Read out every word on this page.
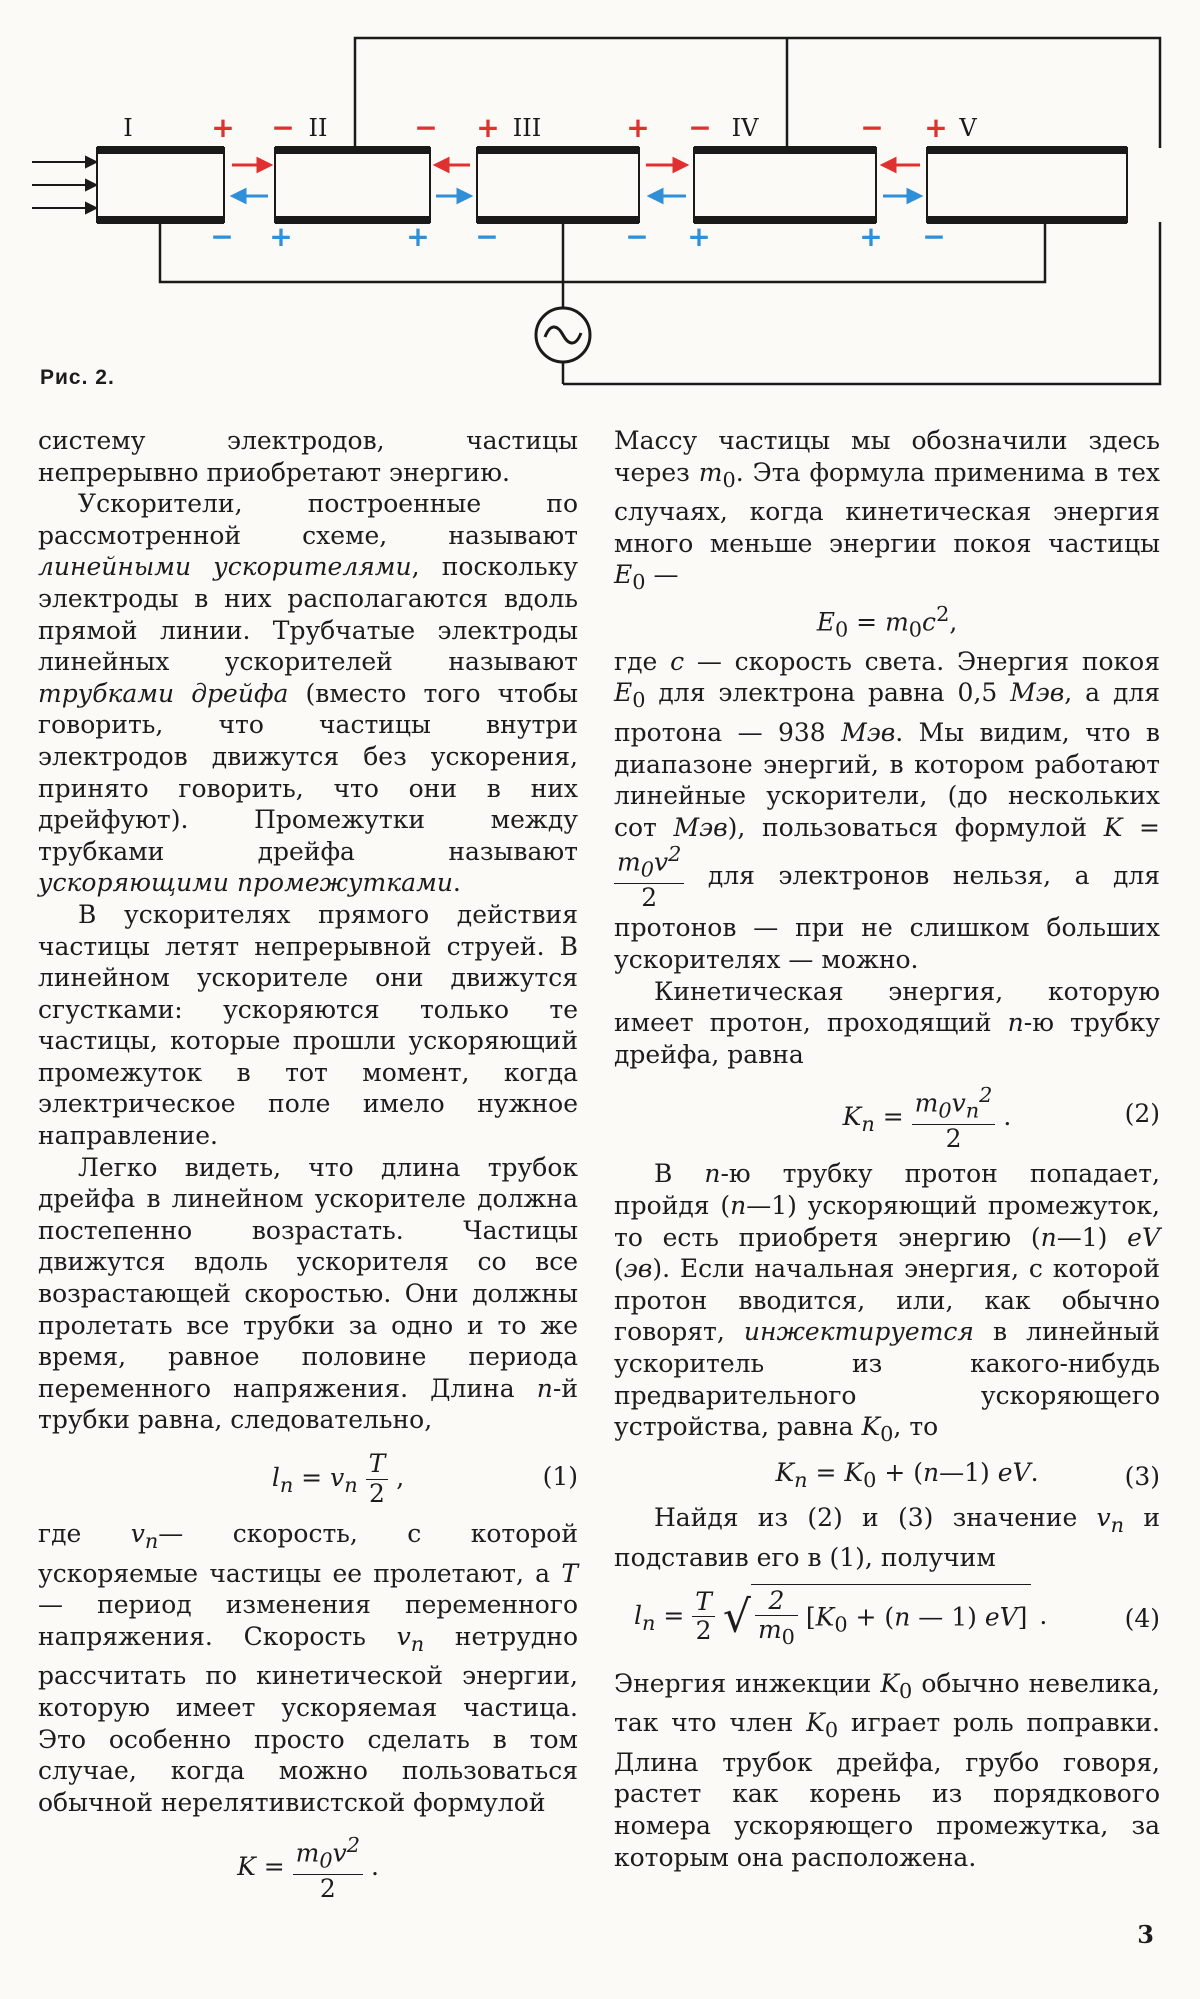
+ −	− +	+ −	− +
− +	+ −	− +	+ −
I	II	III	IV	V
Рис. 2.

систему электродов, частицы непрерывно приобретают энергию.

Ускорители, построенные по рассмотренной схеме, называют линейными ускорителями, поскольку электроды в них располагаются вдоль прямой линии. Трубчатые электроды линейных ускорителей называют трубками дрейфа (вместо того чтобы говорить, что частицы внутри электродов движутся без ускорения, принято говорить, что они в них дрейфуют). Промежутки между трубками дрейфа называют ускоряющими промежутками.

В ускорителях прямого действия частицы летят непрерывной струей. В линейном ускорителе они движутся сгустками: ускоряются только те частицы, которые прошли ускоряющий промежуток в тот момент, когда электрическое поле имело нужное направление.

Легко видеть, что длина трубок дрейфа в линейном ускорителе должна постепенно возрастать. Частицы движутся вдоль ускорителя со все возрастающей скоростью. Они должны пролетать все трубки за одно и то же время, равное половине периода переменного напряжения. Длина n-й трубки равна, следовательно,

$l_n = v_n \frac{T}{2}$ ,	(1)

где $v_n—$ скорость, с которой ускоряемые частицы ее пролетают, а T — период изменения переменного напряжения. Скорость $v_n$ нетрудно рассчитать по кинетической энергии, которую имеет ускоряемая частица. Это особенно просто сделать в том случае, когда можно пользоваться обычной нерелятивистской формулой

$K = \frac{m_0v^2}{2}$ .

Массу частицы мы обозначили здесь через $m_0$. Эта формула применима в тех случаях, когда кинетическая энергия много меньше энергии покоя частицы $E_0$ —

$E_0 = m_0c^2$,

где c — скорость света. Энергия покоя $E_0$ для электрона равна 0,5 Мэв, а для протона — 938 Мэв. Мы видим, что в диапазоне энергий, в котором работают линейные ускорители, (до нескольких сот Мэв), пользоваться формулой K =
$\frac{m_0v^2}{2}$ для электронов нельзя, а для протонов — при не слишком больших ускорителях — можно.

Кинетическая энергия, которую имеет протон, проходящий n-ю трубку дрейфа, равна

$K_n = \frac{m_0v_n^2}{2}$ .	(2)

В n-ю трубку протон попадает, пройдя (n—1) ускоряющий промежуток, то есть приобретя энергию (n—1) eV (эв). Если начальная энергия, с которой протон вводится, или, как обычно говорят, инжектируется в линейный ускоритель из какого-нибудь предварительного ускоряющего устройства, равна $K_0$, то

$K_n = K_0$ + (n—1) eV.	(3)

Найдя из (2) и (3) значение $v_n$ и подставив его в (1), получим

$l_n = \frac{T}{2}$ √ $\frac{2}{m_0} [K_0 + (n$ — 1) eV] .	(4)

Энергия инжекции $K_0$ обычно невелика, так что член $K_0$ играет роль поправки. Длина трубок дрейфа, грубо говоря, растет как корень из порядкового номера ускоряющего промежутка, за которым она расположена.

3
